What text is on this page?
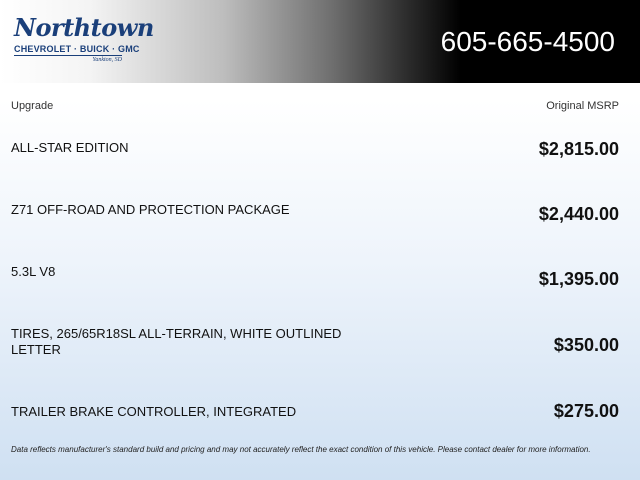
Northtown
CHEVROLET · BUICK · GMC
Yankton, SD
605-665-4500
Upgrade	Original MSRP
ALL-STAR EDITION	$2,815.00
Z71 OFF-ROAD AND PROTECTION PACKAGE	$2,440.00
5.3L V8	$1,395.00
TIRES, 265/65R18SL ALL-TERRAIN, WHITE OUTLINED LETTER	$350.00
TRAILER BRAKE CONTROLLER, INTEGRATED	$275.00
Data reflects manufacturer's standard build and pricing and may not accurately reflect the exact condition of this vehicle. Please contact dealer for more information.
